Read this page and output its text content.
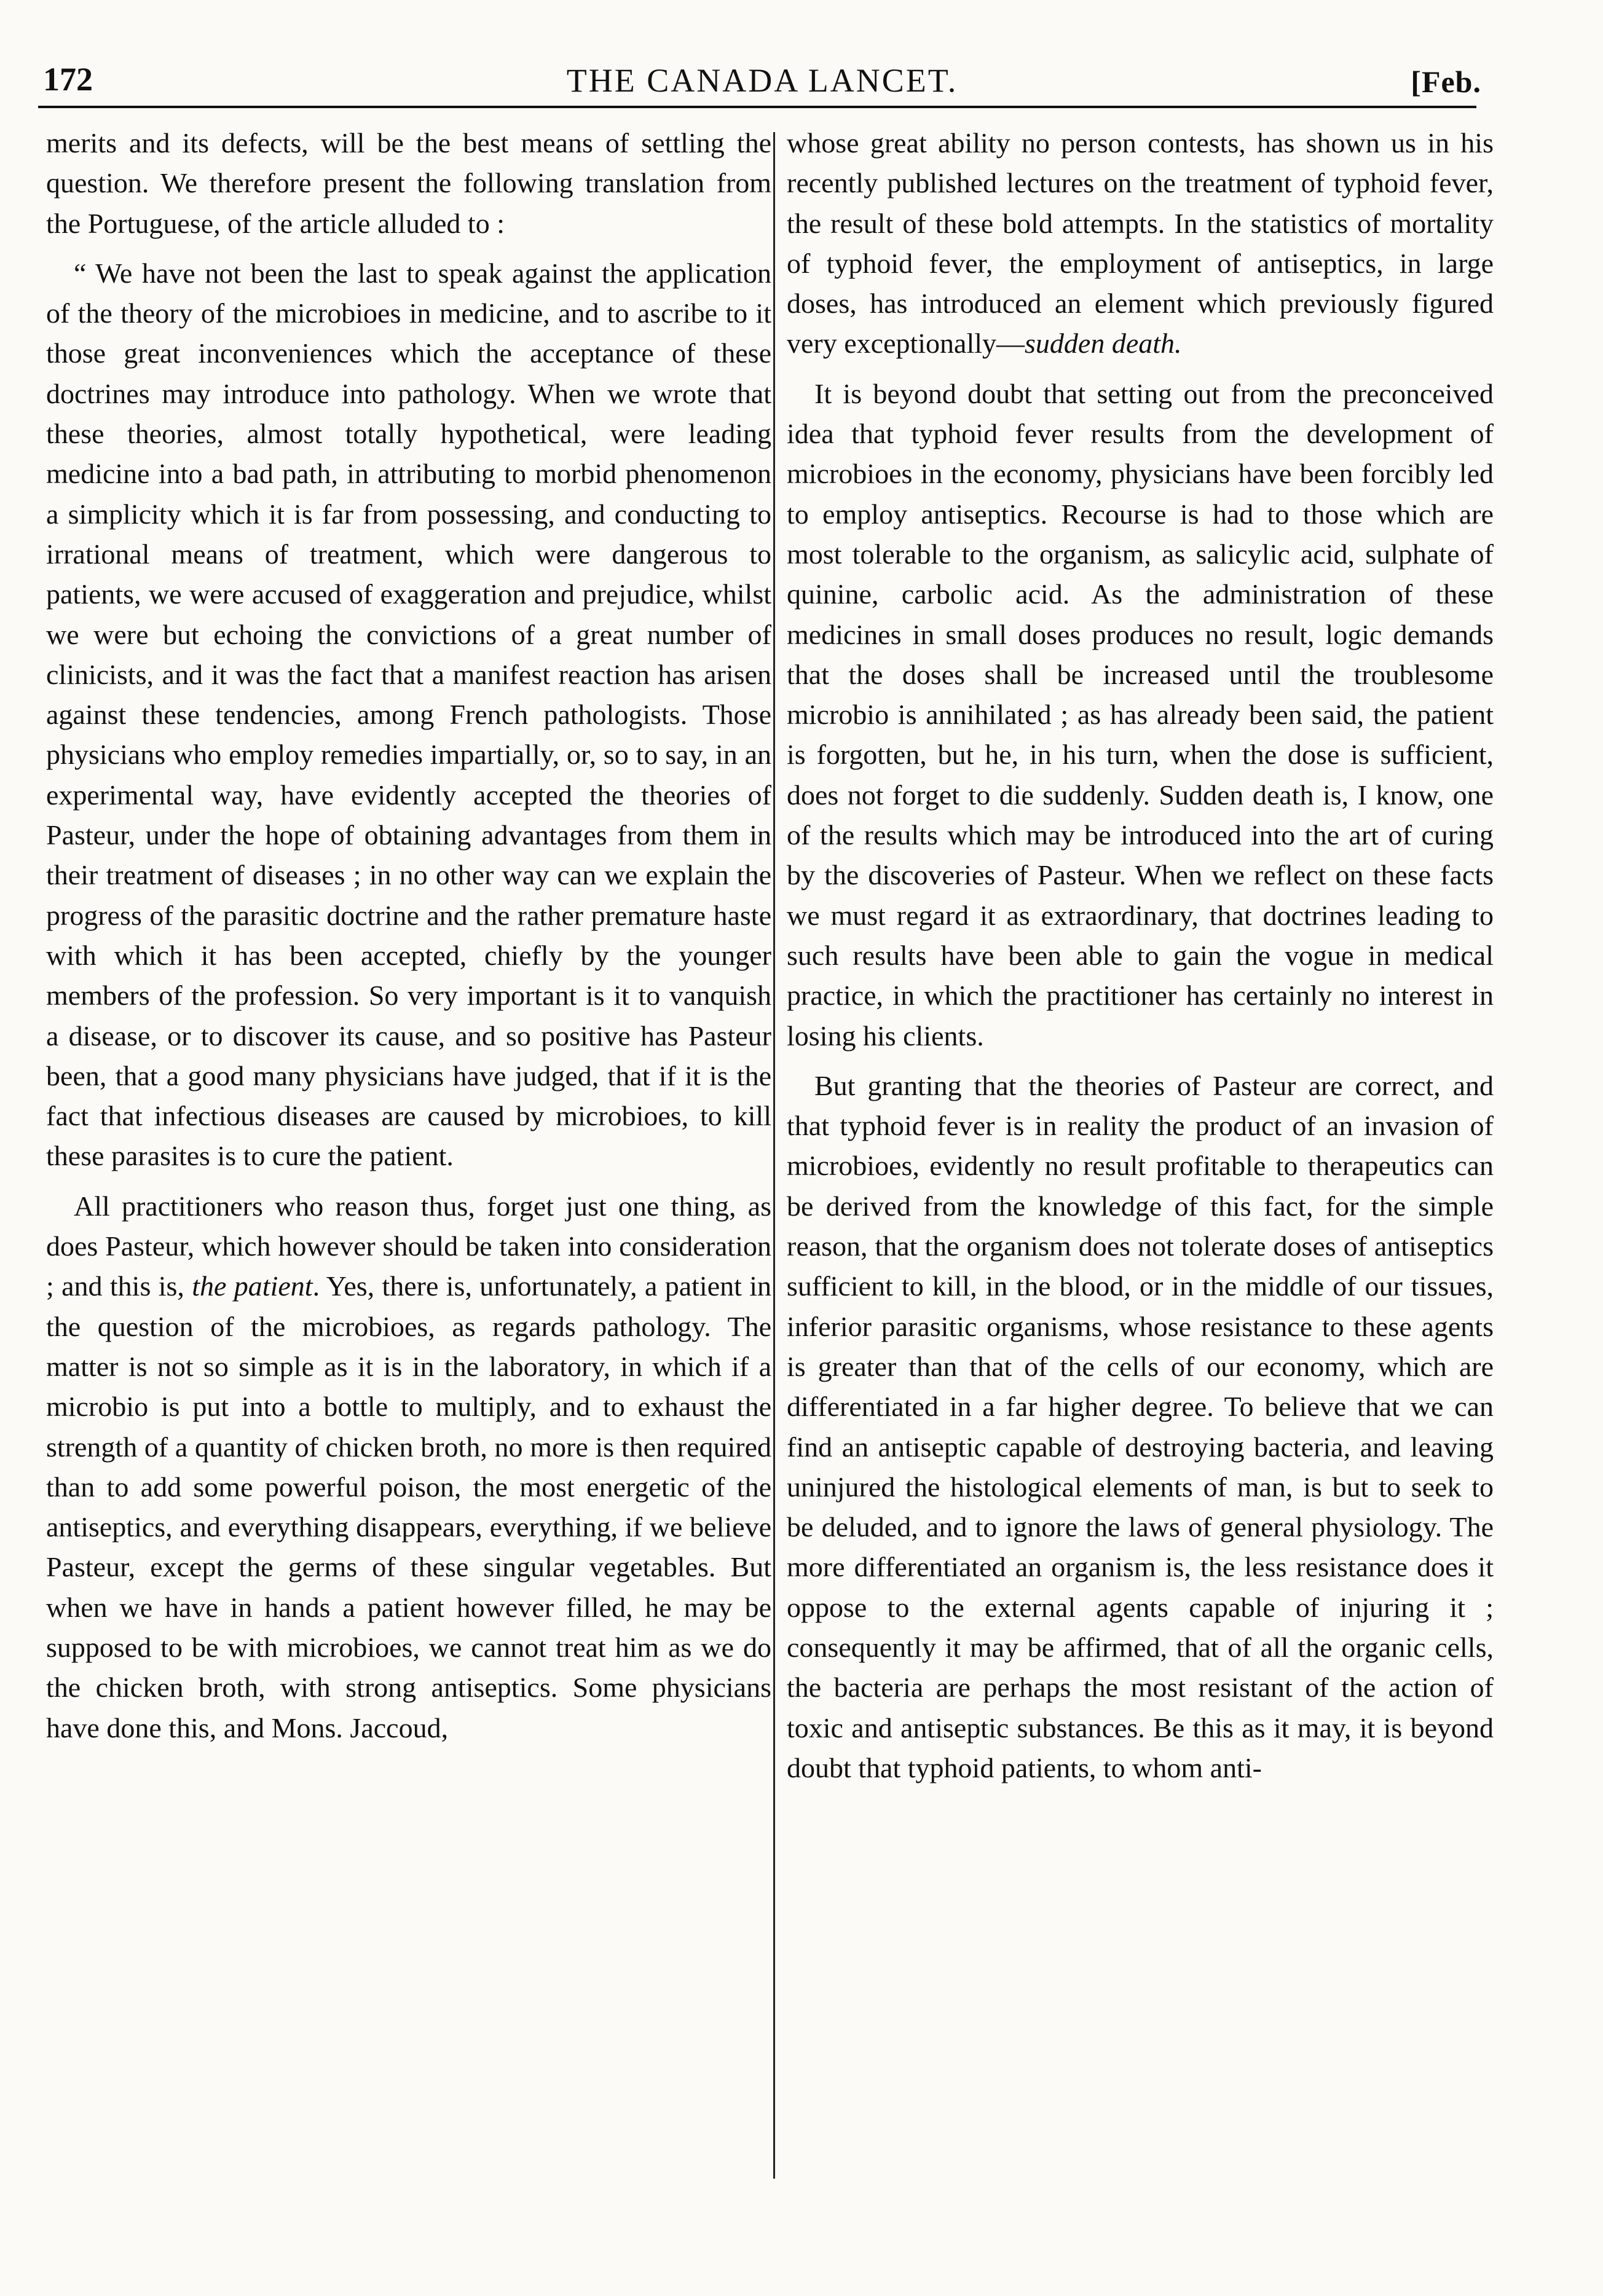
172	THE CANADA LANCET.	[Feb.

merits and its defects, will be the best means of settling the question. We therefore present the following translation from the Portuguese, of the article alluded to :

“ We have not been the last to speak against the application of the theory of the microbioes in medicine, and to ascribe to it those great inconveniences which the acceptance of these doctrines may introduce into pathology. When we wrote that these theories, almost totally hypothetical, were leading medicine into a bad path, in attributing to morbid phenomenon a simplicity which it is far from possessing, and conducting to irrational means of treatment, which were dangerous to patients, we were accused of exaggeration and prejudice, whilst we were but echoing the convictions of a great number of clinicists, and it was the fact that a manifest reaction has arisen against these tendencies, among French pathologists. Those physicians who employ remedies impartially, or, so to say, in an experimental way, have evidently accepted the theories of Pasteur, under the hope of obtaining advantages from them in their treatment of diseases ; in no other way can we explain the progress of the parasitic doctrine and the rather premature haste with which it has been accepted, chiefly by the younger members of the profession. So very important is it to vanquish a disease, or to discover its cause, and so positive has Pasteur been, that a good many physicians have judged, that if it is the fact that infectious diseases are caused by microbioes, to kill these parasites is to cure the patient.

All practitioners who reason thus, forget just one thing, as does Pasteur, which however should be taken into consideration ; and this is, the patient. Yes, there is, unfortunately, a patient in the question of the microbioes, as regards pathology. The matter is not so simple as it is in the laboratory, in which if a microbio is put into a bottle to multiply, and to exhaust the strength of a quantity of chicken broth, no more is then required than to add some powerful poison, the most energetic of the antiseptics, and everything disappears, everything, if we believe Pasteur, except the germs of these singular vegetables. But when we have in hands a patient however filled, he may be supposed to be with microbioes, we cannot treat him as we do the chicken broth, with strong antiseptics. Some physicians have done this, and Mons. Jaccoud,

whose great ability no person contests, has shown us in his recently published lectures on the treatment of typhoid fever, the result of these bold attempts. In the statistics of mortality of typhoid fever, the employment of antiseptics, in large doses, has introduced an element which previously figured very exceptionally—sudden death.

It is beyond doubt that setting out from the preconceived idea that typhoid fever results from the development of microbioes in the economy, physicians have been forcibly led to employ antiseptics. Recourse is had to those which are most tolerable to the organism, as salicylic acid, sulphate of quinine, carbolic acid. As the administration of these medicines in small doses produces no result, logic demands that the doses shall be increased until the troublesome microbio is annihilated ; as has already been said, the patient is forgotten, but he, in his turn, when the dose is sufficient, does not forget to die suddenly. Sudden death is, I know, one of the results which may be introduced into the art of curing by the discoveries of Pasteur. When we reflect on these facts we must regard it as extraordinary, that doctrines leading to such results have been able to gain the vogue in medical practice, in which the practitioner has certainly no interest in losing his clients.

But granting that the theories of Pasteur are correct, and that typhoid fever is in reality the product of an invasion of microbioes, evidently no result profitable to therapeutics can be derived from the knowledge of this fact, for the simple reason, that the organism does not tolerate doses of antiseptics sufficient to kill, in the blood, or in the middle of our tissues, inferior parasitic organisms, whose resistance to these agents is greater than that of the cells of our economy, which are differentiated in a far higher degree. To believe that we can find an antiseptic capable of destroying bacteria, and leaving uninjured the histological elements of man, is but to seek to be deluded, and to ignore the laws of general physiology. The more differentiated an organism is, the less resistance does it oppose to the external agents capable of injuring it ; consequently it may be affirmed, that of all the organic cells, the bacteria are perhaps the most resistant of the action of toxic and antiseptic substances. Be this as it may, it is beyond doubt that typhoid patients, to whom anti-
